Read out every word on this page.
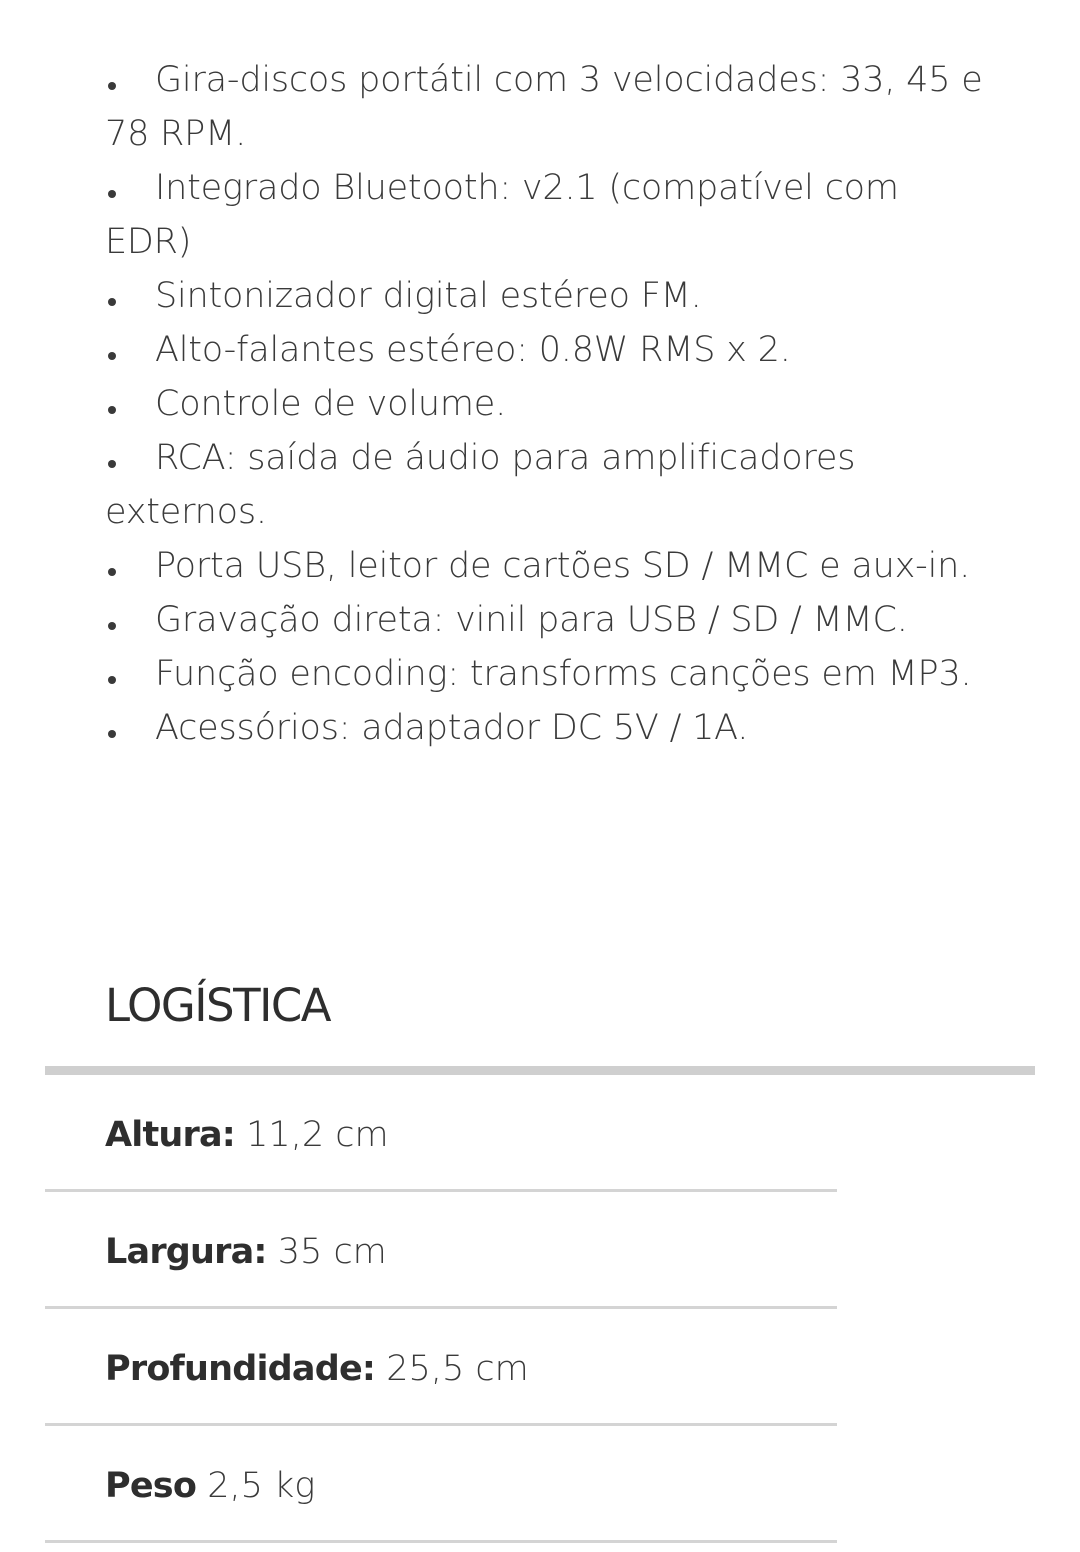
Gira-discos portátil com 3 velocidades: 33, 45 e 78 RPM.
Integrado Bluetooth: v2.1 (compatível com EDR)
Sintonizador digital estéreo FM.
Alto-falantes estéreo: 0.8W RMS x 2.
Controle de volume.
RCA: saída de áudio para amplificadores externos.
Porta USB, leitor de cartões SD / MMC e aux-in.
Gravação direta: vinil para USB / SD / MMC.
Função encoding: transforms canções em MP3.
Acessórios: adaptador DC 5V / 1A.
LOGÍSTICA
Altura: 11,2 cm
Largura: 35 cm
Profundidade: 25,5 cm
Peso 2,5 kg
